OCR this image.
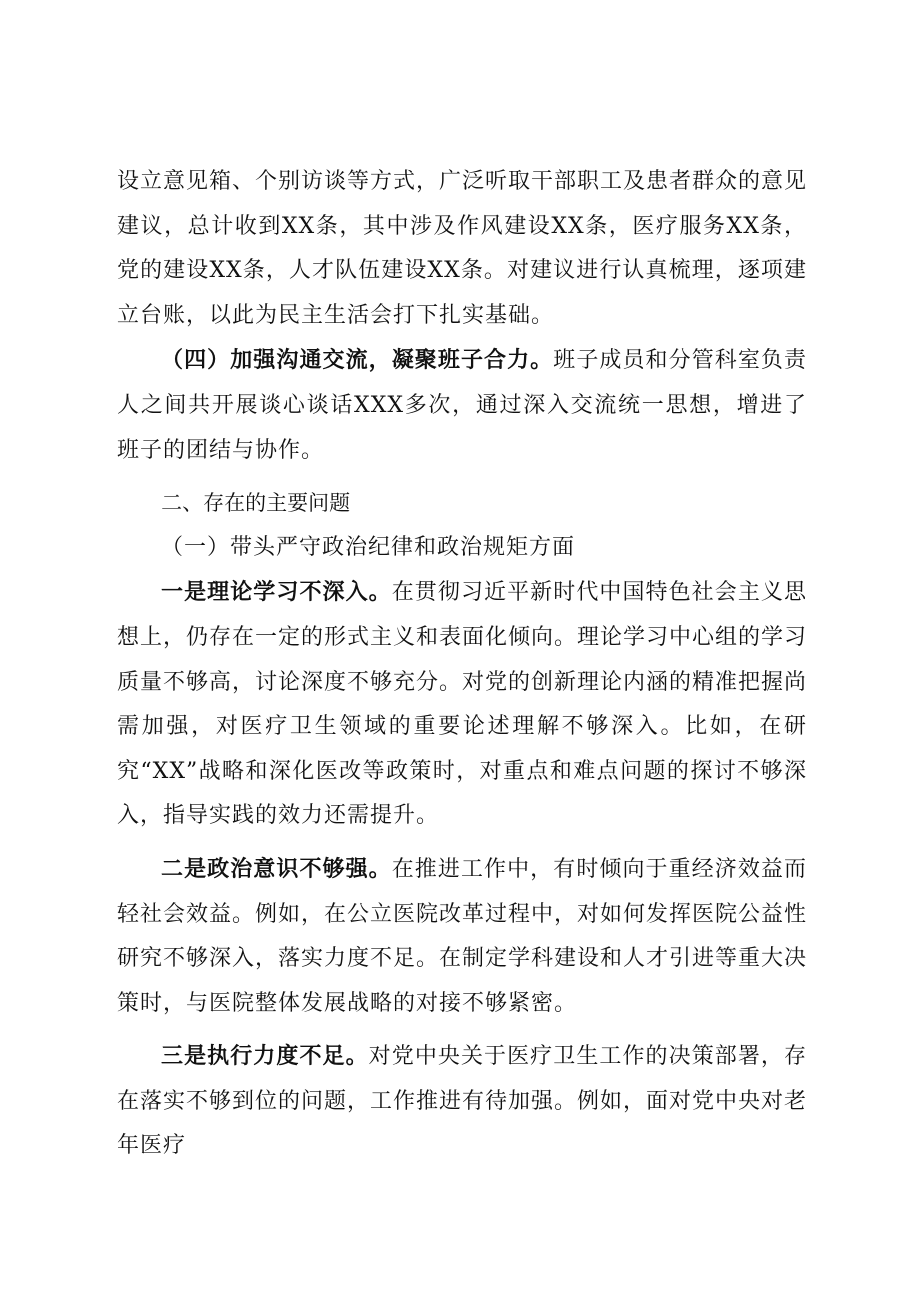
设立意见箱、个别访谈等方式，广泛听取干部职工及患者群众的意见建议，总计收到XX条，其中涉及作风建设XX条，医疗服务XX条，党的建设XX条，人才队伍建设XX条。对建议进行认真梳理，逐项建立台账，以此为民主生活会打下扎实基础。

（四）加强沟通交流，凝聚班子合力。班子成员和分管科室负责人之间共开展谈心谈话XXX多次，通过深入交流统一思想，增进了班子的团结与协作。

二、存在的主要问题

（一）带头严守政治纪律和政治规矩方面

一是理论学习不深入。在贯彻习近平新时代中国特色社会主义思想上，仍存在一定的形式主义和表面化倾向。理论学习中心组的学习质量不够高，讨论深度不够充分。对党的创新理论内涵的精准把握尚需加强，对医疗卫生领域的重要论述理解不够深入。比如，在研究“XX”战略和深化医改等政策时，对重点和难点问题的探讨不够深入，指导实践的效力还需提升。

二是政治意识不够强。在推进工作中，有时倾向于重经济效益而轻社会效益。例如，在公立医院改革过程中，对如何发挥医院公益性研究不够深入，落实力度不足。在制定学科建设和人才引进等重大决策时，与医院整体发展战略的对接不够紧密。

三是执行力度不足。对党中央关于医疗卫生工作的决策部署，存在落实不够到位的问题，工作推进有待加强。例如，面对党中央对老年医疗
